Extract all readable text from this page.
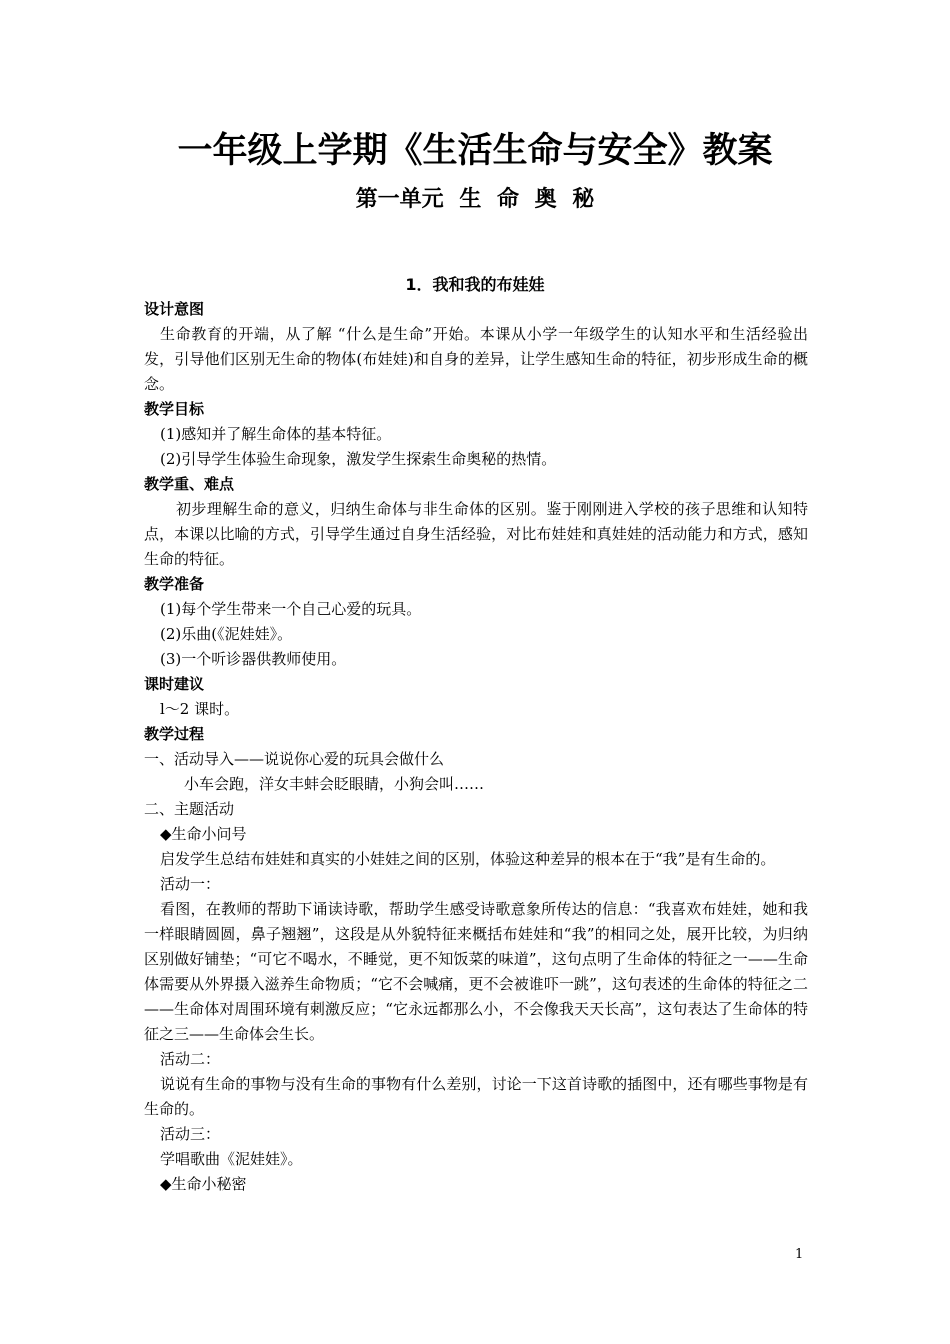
一年级上学期《生活生命与安全》教案
第一单元 生 命 奥 秘
1．我和我的布娃娃

设计意图

生命教育的开端，从了解 “什么是生命”开始。本课从小学一年级学生的认知水平和生活经验出发，引导他们区别无生命的物体(布娃娃)和自身的差异，让学生感知生命的特征，初步形成生命的概念。

教学目标

(1)感知并了解生命体的基本特征。

(2)引导学生体验生命现象，激发学生探索生命奥秘的热情。

教学重、难点

初步理解生命的意义，归纳生命体与非生命体的区别。鉴于刚刚进入学校的孩子思维和认知特点，本课以比喻的方式，引导学生通过自身生活经验，对比布娃娃和真娃娃的活动能力和方式，感知生命的特征。

教学准备

(1)每个学生带来一个自己心爱的玩具。

(2)乐曲(《泥娃娃》。

(3)一个听诊器供教师使用。

课时建议

l～2 课时。

教学过程

一、活动导入——说说你心爱的玩具会做什么

小车会跑，洋女丰蚌会眨眼睛，小狗会叫……

二、主题活动

◆生命小问号

启发学生总结布娃娃和真实的小娃娃之间的区别，体验这种差异的根本在于“我”是有生命的。

活动一：

看图，在教师的帮助下诵读诗歌，帮助学生感受诗歌意象所传达的信息：“我喜欢布娃娃，她和我一样眼睛圆圆，鼻子翘翘”，这段是从外貌特征来概括布娃娃和“我”的相同之处，展开比较，为归纳区别做好铺垫；“可它不喝水，不睡觉，更不知饭菜的味道”，这句点明了生命体的特征之一——生命体需要从外界摄入滋养生命物质；“它不会喊痛，更不会被谁吓一跳”，这句表述的生命体的特征之二——生命体对周围环境有刺激反应；“它永远都那么小，不会像我天天长高”，这句表达了生命体的特征之三——生命体会生长。

活动二：

说说有生命的事物与没有生命的事物有什么差别，讨论一下这首诗歌的插图中，还有哪些事物是有生命的。

活动三：

学唱歌曲《泥娃娃》。

◆生命小秘密

1
